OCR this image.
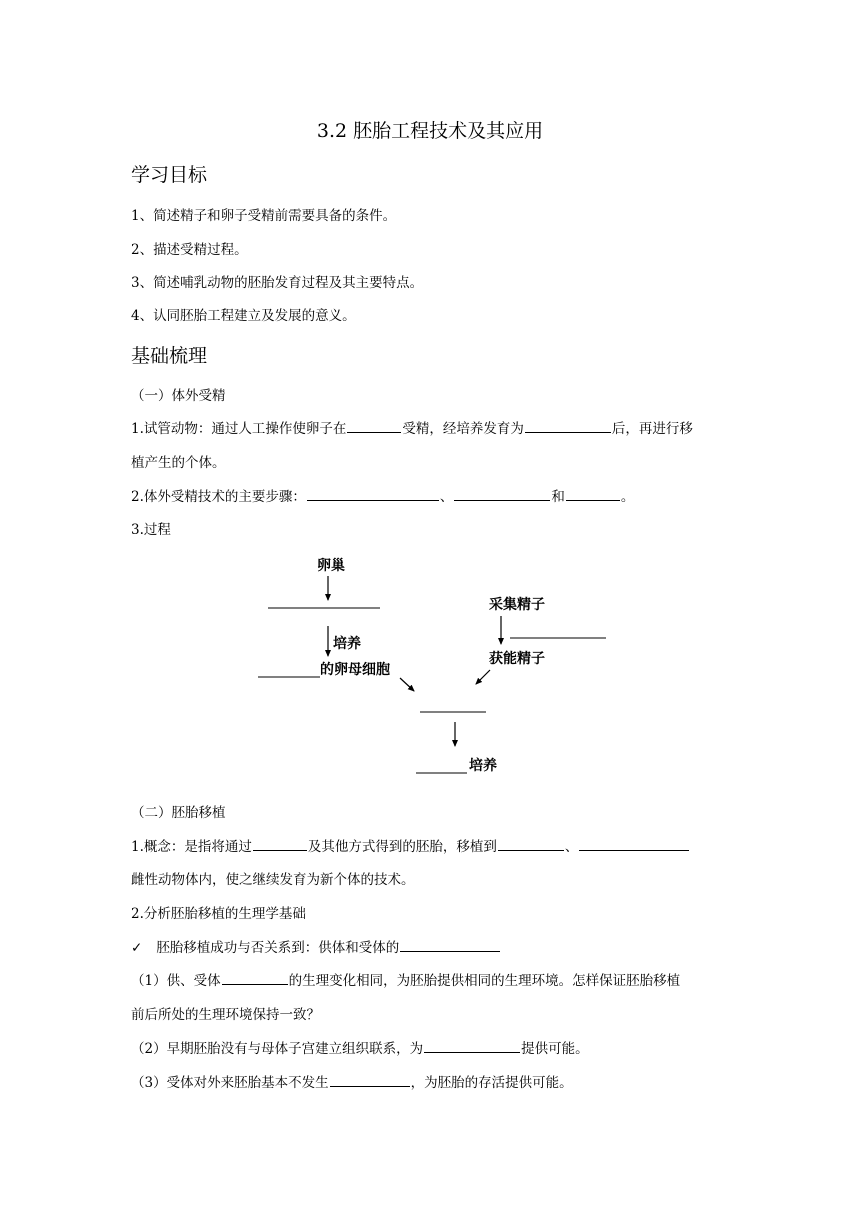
3.2 胚胎工程技术及其应用
学习目标
1、简述精子和卵子受精前需要具备的条件。
2、描述受精过程。
3、简述哺乳动物的胚胎发育过程及其主要特点。
4、认同胚胎工程建立及发展的意义。
基础梳理
（一）体外受精
1.试管动物：通过人工操作使卵子在	受精，经培养发育为	后，再进行移
植产生的个体。
2.体外受精技术的主要步骤：	、	和	。
3.过程
卵巢
培养
的卵母细胞
采集精子
获能精子
培养
（二）胚胎移植
1.概念：是指将通过	及其他方式得到的胚胎，移植到	、
雌性动物体内，使之继续发育为新个体的技术。
2.分析胚胎移植的生理学基础
✓ 胚胎移植成功与否关系到：供体和受体的
（1）供、受体	的生理变化相同，为胚胎提供相同的生理环境。怎样保证胚胎移植
前后所处的生理环境保持一致？
（2）早期胚胎没有与母体子宫建立组织联系，为	提供可能。
（3）受体对外来胚胎基本不发生	，为胚胎的存活提供可能。
